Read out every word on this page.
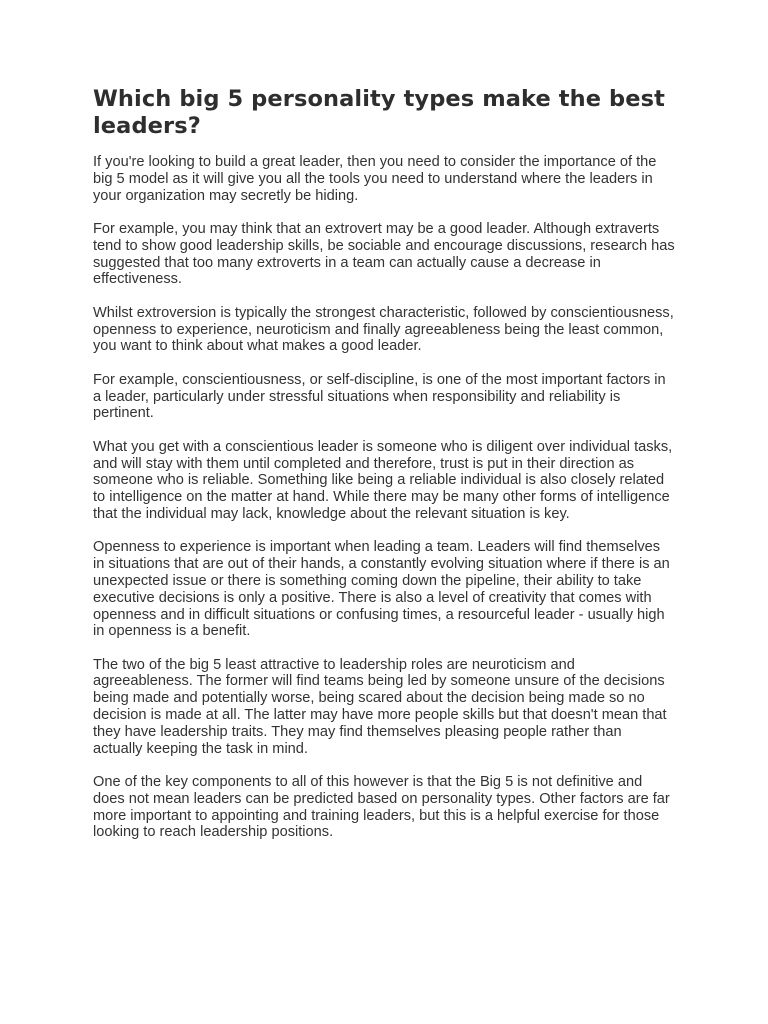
Which big 5 personality types make the best leaders?

If you're looking to build a great leader, then you need to consider the importance of the big 5 model as it will give you all the tools you need to understand where the leaders in your organization may secretly be hiding.

For example, you may think that an extrovert may be a good leader. Although extraverts tend to show good leadership skills, be sociable and encourage discussions, research has suggested that too many extroverts in a team can actually cause a decrease in effectiveness.

Whilst extroversion is typically the strongest characteristic, followed by conscientiousness, openness to experience, neuroticism and finally agreeableness being the least common, you want to think about what makes a good leader.

For example, conscientiousness, or self-discipline, is one of the most important factors in a leader, particularly under stressful situations when responsibility and reliability is pertinent.

What you get with a conscientious leader is someone who is diligent over individual tasks, and will stay with them until completed and therefore, trust is put in their direction as someone who is reliable. Something like being a reliable individual is also closely related to intelligence on the matter at hand. While there may be many other forms of intelligence that the individual may lack, knowledge about the relevant situation is key.

Openness to experience is important when leading a team. Leaders will find themselves in situations that are out of their hands, a constantly evolving situation where if there is an unexpected issue or there is something coming down the pipeline, their ability to take executive decisions is only a positive. There is also a level of creativity that comes with openness and in difficult situations or confusing times, a resourceful leader - usually high in openness is a benefit.

The two of the big 5 least attractive to leadership roles are neuroticism and agreeableness. The former will find teams being led by someone unsure of the decisions being made and potentially worse, being scared about the decision being made so no decision is made at all. The latter may have more people skills but that doesn't mean that they have leadership traits. They may find themselves pleasing people rather than actually keeping the task in mind.

One of the key components to all of this however is that the Big 5 is not definitive and does not mean leaders can be predicted based on personality types. Other factors are far more important to appointing and training leaders, but this is a helpful exercise for those looking to reach leadership positions.
